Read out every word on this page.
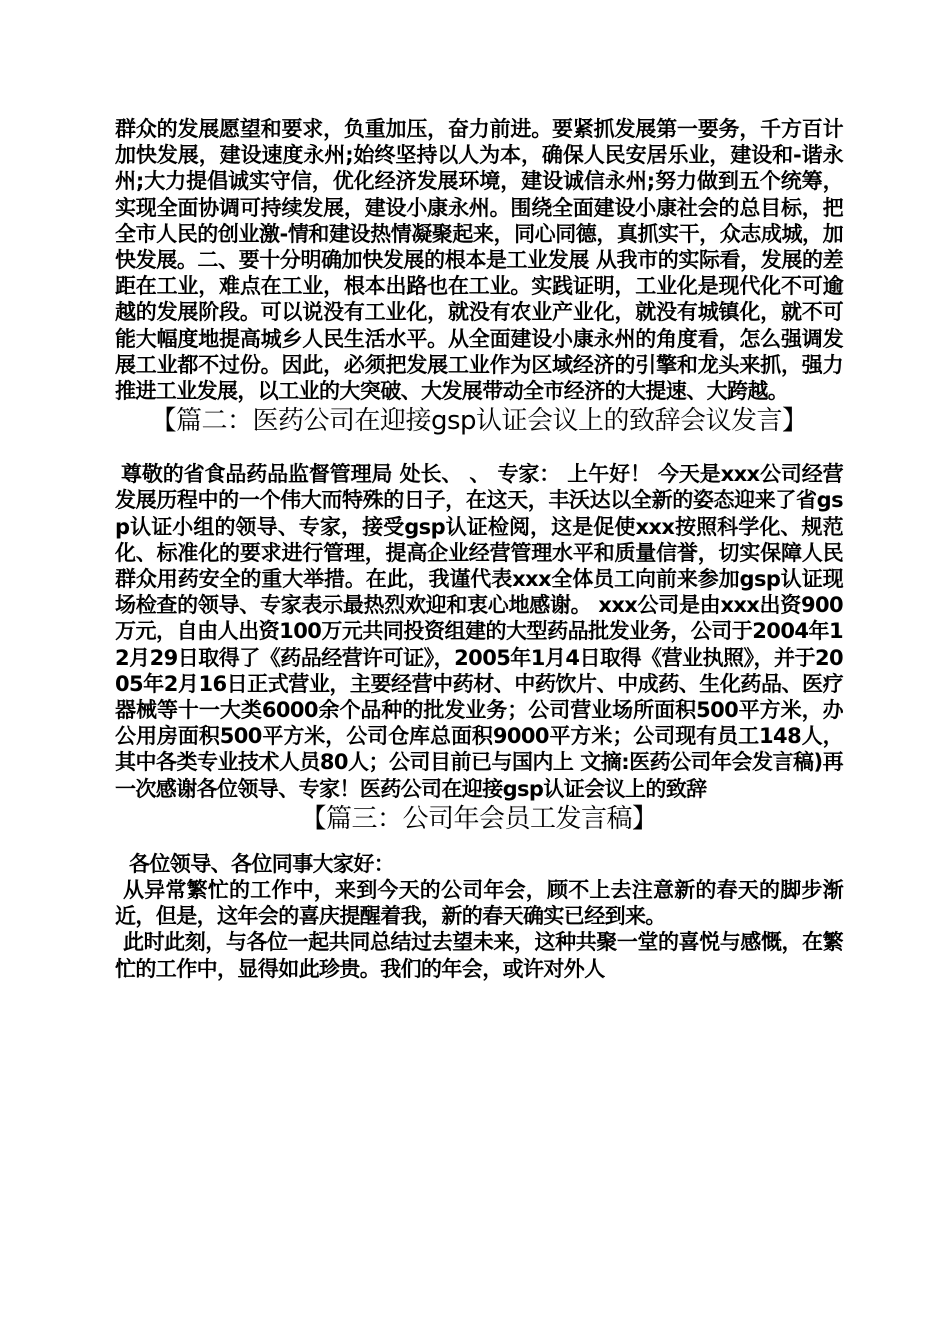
群众的发展愿望和要求，负重加压，奋力前进。要紧抓发展第一要务，千方百计加快发展，建设速度永州;始终坚持以人为本，确保人民安居乐业，建设和-谐永州;大力提倡诚实守信，优化经济发展环境，建设诚信永州;努力做到五个统筹，实现全面协调可持续发展，建设小康永州。围绕全面建设小康社会的总目标，把全市人民的创业激-情和建设热情凝聚起来，同心同德，真抓实干，众志成城，加快发展。二、要十分明确加快发展的根本是工业发展 从我市的实际看，发展的差距在工业，难点在工业，根本出路也在工业。实践证明，工业化是现代化不可逾越的发展阶段。可以说没有工业化，就没有农业产业化，就没有城镇化，就不可能大幅度地提高城乡人民生活水平。从全面建设小康永州的角度看，怎么强调发展工业都不过份。因此，必须把发展工业作为区域经济的引擎和龙头来抓，强力推进工业发展，以工业的大突破、大发展带动全市经济的大提速、大跨越。

【篇二：医药公司在迎接gsp认证会议上的致辞会议发言】

尊敬的省食品药品监督管理局 处长、 、 专家： 上午好！ 今天是xxx公司经营发展历程中的一个伟大而特殊的日子，在这天，丰沃达以全新的姿态迎来了省gsp认证小组的领导、专家，接受gsp认证检阅，这是促使xxx按照科学化、规范化、标准化的要求进行管理，提高企业经营管理水平和质量信誉，切实保障人民群众用药安全的重大举措。在此，我谨代表xxx全体员工向前来参加gsp认证现场检查的领导、专家表示最热烈欢迎和衷心地感谢。 xxx公司是由xxx出资900万元，自由人出资100万元共同投资组建的大型药品批发业务，公司于2004年12月29日取得了《药品经营许可证》，2005年1月4日取得《营业执照》，并于2005年2月16日正式营业，主要经营中药材、中药饮片、中成药、生化药品、医疗器械等十一大类6000余个品种的批发业务；公司营业场所面积500平方米，办公用房面积500平方米，公司仓库总面积9000平方米；公司现有员工148人，其中各类专业技术人员80人；公司目前已与国内上 文摘:医药公司年会发言稿)再一次感谢各位领导、专家！医药公司在迎接gsp认证会议上的致辞

【篇三：公司年会员工发言稿】

各位领导、各位同事大家好：

从异常繁忙的工作中，来到今天的公司年会，顾不上去注意新的春天的脚步渐近，但是，这年会的喜庆提醒着我，新的春天确实已经到来。

此时此刻，与各位一起共同总结过去望未来，这种共聚一堂的喜悦与感慨，在繁忙的工作中，显得如此珍贵。我们的年会，或许对外人
